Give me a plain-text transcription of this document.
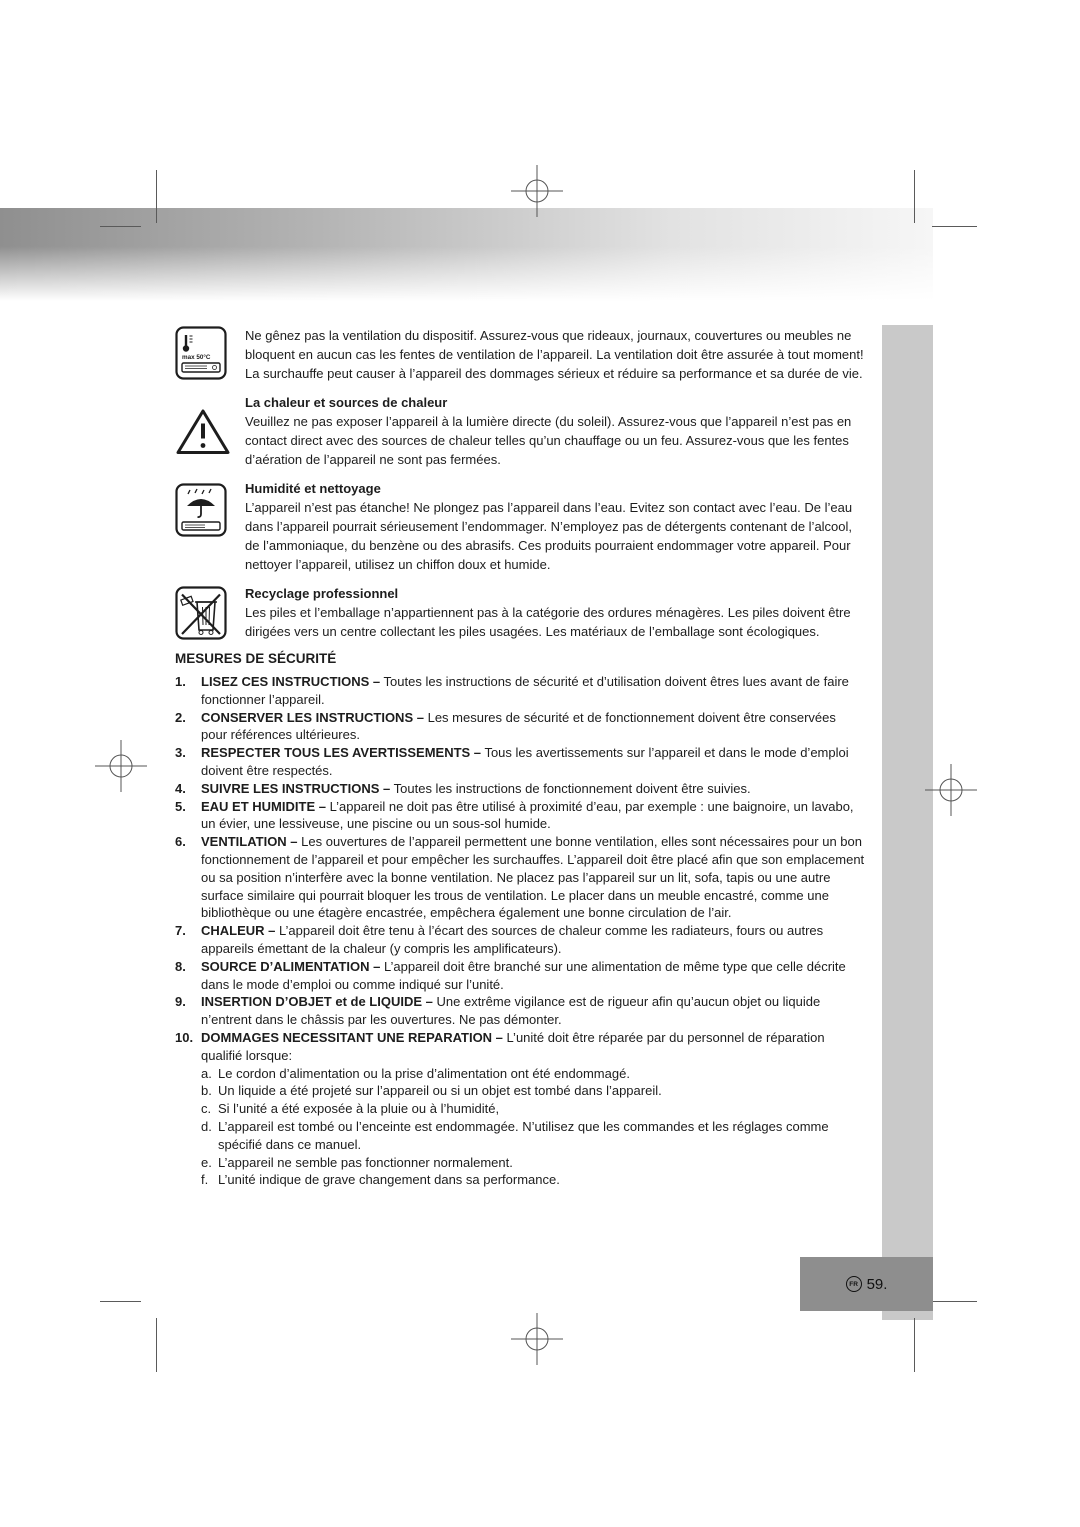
max 50°C

Ne gênez pas la ventilation du dispositif. Assurez-vous que rideaux, journaux, couvertures ou meubles ne bloquent en aucun cas les fentes de ventilation de l’appareil. La ventilation doit être assurée à tout moment! La surchauffe peut causer à l’appareil des dommages sérieux et réduire sa performance et sa durée de vie.

La chaleur et sources de chaleur

Veuillez ne pas exposer l’appareil à la lumière directe (du soleil). Assurez-vous que l’appareil n’est pas en contact direct avec des sources de chaleur telles qu’un chauffage ou un feu. Assurez-vous que les fentes d’aération de l’appareil ne sont pas fermées.

Humidité et nettoyage

L’appareil n’est pas étanche! Ne plongez pas l’appareil dans l’eau. Evitez son contact avec l’eau. De l’eau dans l’appareil pourrait sérieusement l’endommager. N’employez pas de détergents contenant de l’alcool, de l’ammoniaque, du benzène ou des abrasifs. Ces produits pourraient endommager votre appareil. Pour nettoyer l’appareil, utilisez un chiffon doux et humide.

Recyclage professionnel

Les piles et l’emballage n’appartiennent pas à la catégorie des ordures ménagères. Les piles doivent être dirigées vers un centre collectant les piles usagées. Les matériaux de l’emballage sont écologiques.

MESURES DE SÉCURITÉ
1.	LISEZ CES INSTRUCTIONS – Toutes les instructions de sécurité et d’utilisation doivent êtres lues avant de faire fonctionner l’appareil.
2.	CONSERVER LES INSTRUCTIONS – Les mesures de sécurité et de fonctionnement doivent être conservées pour références ultérieures.
3.	RESPECTER TOUS LES AVERTISSEMENTS – Tous les avertissements sur l’appareil et dans le mode d’emploi doivent être respectés.
4.	SUIVRE LES INSTRUCTIONS – Toutes les instructions de fonctionnement doivent être suivies.
5.	EAU ET HUMIDITE – L’appareil ne doit pas être utilisé à proximité d’eau, par exemple : une baignoire, un lavabo, un évier, une lessiveuse, une piscine ou un sous-sol humide.
6.	VENTILATION – Les ouvertures de l’appareil permettent une bonne ventilation, elles sont nécessaires pour un bon fonctionnement de l’appareil et pour empêcher les surchauffes. L’appareil doit être placé afin que son emplacement ou sa position n’interfère avec la bonne ventilation. Ne placez pas l’appareil sur un lit, sofa, tapis ou une autre surface similaire qui pourrait bloquer les trous de ventilation. Le placer dans un meuble encastré, comme une bibliothèque ou une étagère encastrée, empêchera également une bonne circulation de l’air.
7.	CHALEUR – L’appareil doit être tenu à l’écart des sources de chaleur comme les radiateurs, fours ou autres appareils émettant de la chaleur (y compris les amplificateurs).
8.	SOURCE D’ALIMENTATION – L’appareil doit être branché sur une alimentation de même type que celle décrite dans le mode d’emploi ou comme indiqué sur l’unité.
9.	INSERTION D’OBJET et de LIQUIDE – Une extrême vigilance est de rigueur afin qu’aucun objet ou liquide n’entrent dans le châssis par les ouvertures. Ne pas démonter.
10. DOMMAGES NECESSITANT UNE REPARATION – L’unité doit être réparée par du personnel de réparation qualifié lorsque:
a. Le cordon d’alimentation ou la prise d’alimentation ont été endommagé.
b. Un liquide a été projeté sur l’appareil ou si un objet est tombé dans l’appareil.
c. Si l’unité a été exposée à la pluie ou à l’humidité,
d. L’appareil est tombé ou l’enceinte est endommagée. N’utilisez que les commandes et les réglages comme spécifié dans ce manuel.
e. L’appareil ne semble pas fonctionner normalement.
f. L’unité indique de grave changement dans sa performance.
FR 59.
